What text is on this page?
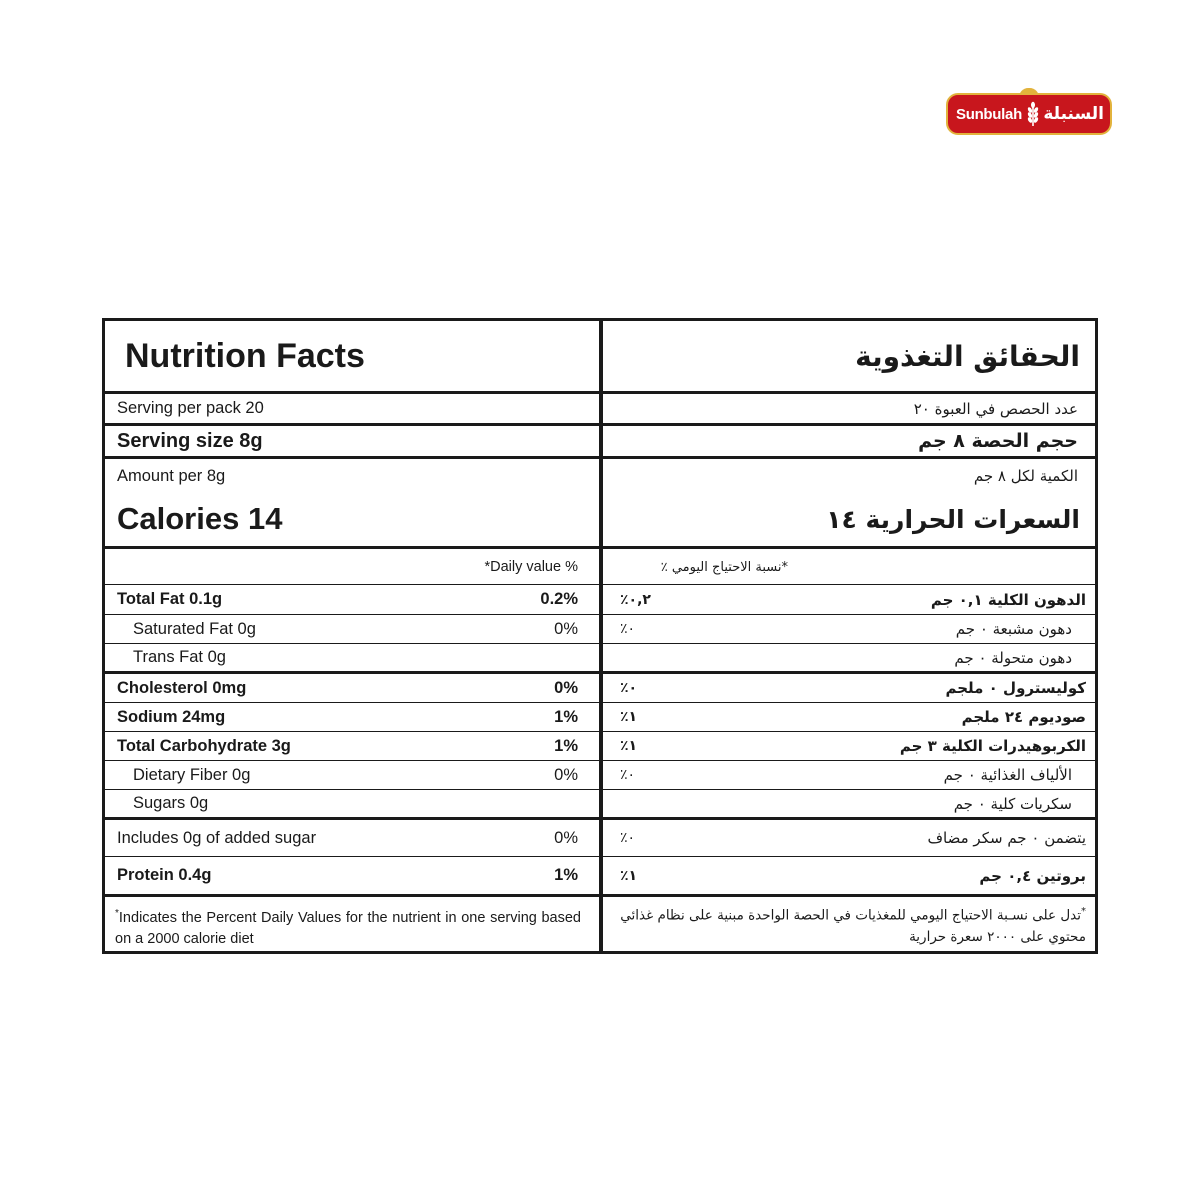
Sunbulah السنبلة
Nutrition Facts	الحقائق التغذوية
Serving per pack 20	عدد الحصص في العبوة ٢٠
Serving size 8g	حجم الحصة ٨ جم
Amount per 8g	الكمية لكل ٨ جم
Calories 14	السعرات الحرارية ١٤
*Daily value %	*نسبة الاحتياج اليومي ٪
Total Fat 0.1g	0.2%	٪٠,٢	الدهون الكلية ٠,١ جم
Saturated Fat 0g	0%	٪٠	دهون مشبعة ٠ جم
Trans Fat 0g	دهون متحولة ٠ جم
Cholesterol 0mg	0%	٪٠	كوليسترول ٠ ملجم
Sodium 24mg	1%	٪١	صوديوم ٢٤ ملجم
Total Carbohydrate 3g	1%	٪١	الكربوهيدرات الكلية ٣ جم
Dietary Fiber 0g	0%	٪٠	الألياف الغذائية ٠ جم
Sugars 0g	سكريات كلية ٠ جم
Includes 0g of added sugar	0%	٪٠	يتضمن ٠ جم سكر مضاف
Protein 0.4g	1%	٪١	بروتين ٠,٤ جم
*Indicates the Percent Daily Values for the nutrient in one serving based on a 2000 calorie diet
*تدل على نسـبة الاحتياج اليومي للمغذيات في الحصة الواحدة مبنية على نظام غذائي محتوي على ٢٠٠٠ سعرة حرارية
